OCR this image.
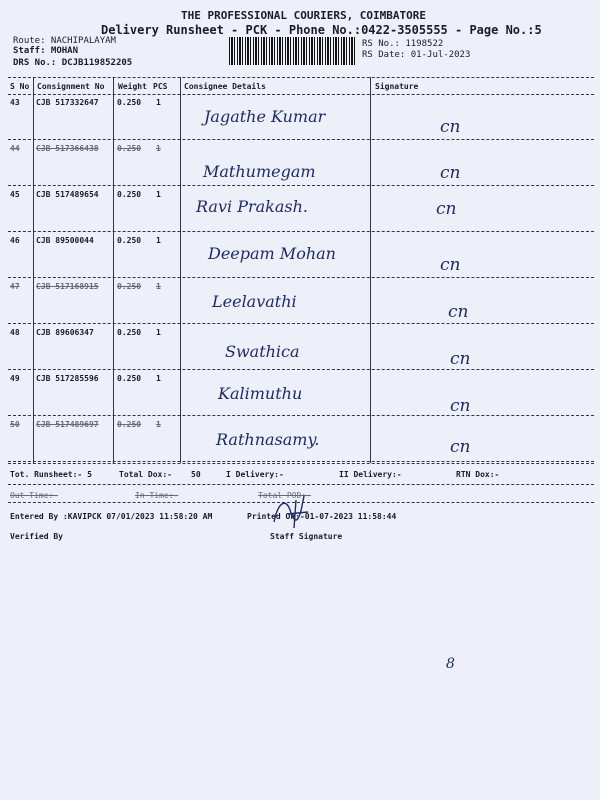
THE PROFESSIONAL COURIERS, COIMBATORE
Delivery Runsheet - PCK - Phone No.:0422-3505555 - Page No.:5
Route: NACHIPALAYAM
Staff: MOHAN
DRS No.: DCJB119852205
RS No.: 1198522
RS Date: 01-Jul-2023
S No Consignment No Weight PCS Consignee Details	Signature
43 CJB 517332647 0.250 1
Jagathe Kumar
cn
44 CJB 517366438 0.250 1
Mathumegam	cn
45 CJB 517489654 0.250 1
Ravi Prakash.	cn
46 CJB 89500044	0.250 1
Deepam Mohan
cn
47 CJB 517168915 0.250 1
Leelavathi
cn
48 CJB 89606347	0.250 1
Swathica	cn
49 CJB 517285596 0.250 1
Kalimuthu
cn
50 CJB 517489697 0.250 1
Rathnasamy.	cn
Tot. Runsheet:- 5	Total Dox:- 50	I Delivery:-	II Delivery:-	RTN Dox:-
Out Time:-	In Time:-	Total POD:-
Entered By :KAVIPCK 07/01/2023 11:58:20 AM	Printed On:-01-07-2023 11:58:44
Verified By	Staff Signature
8
